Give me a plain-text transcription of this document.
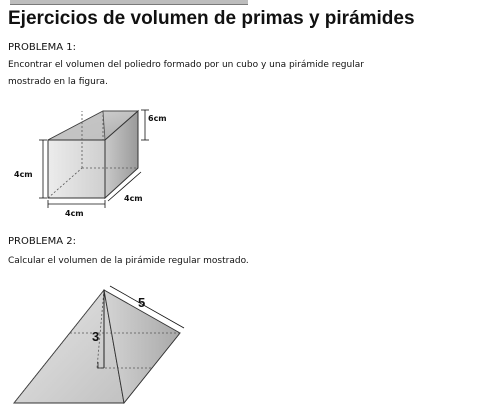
Ejercicios de volumen de primas y pirámides
PROBLEMA 1:
Encontrar el volumen del poliedro formado por un cubo y una pirámide regular
mostrado en la figura.
6cm
4cm
4cm
4cm
PROBLEMA 2:
Calcular el volumen de la pirámide regular mostrado.
5
3
